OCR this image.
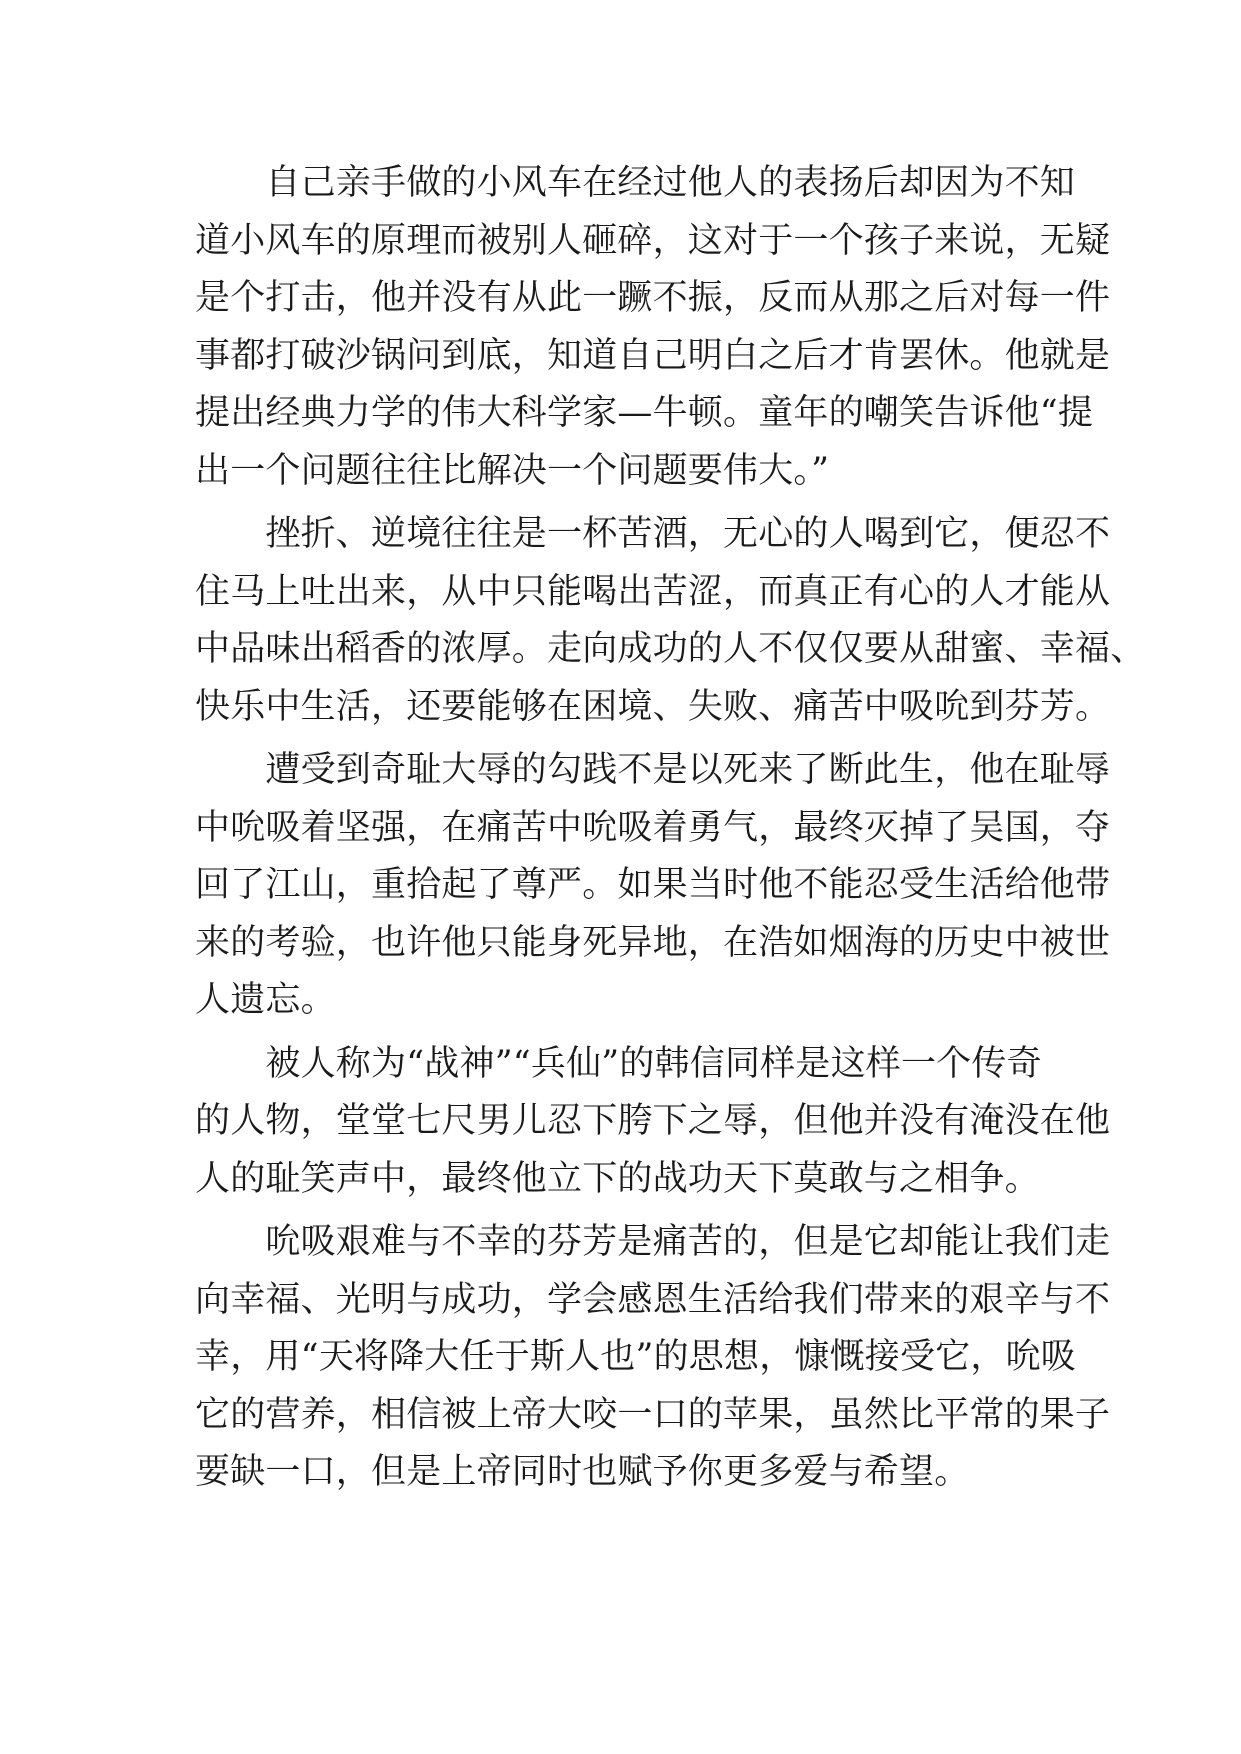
　　自己亲手做的小风车在经过他人的表扬后却因为不知
道小风车的原理而被别人砸碎，这对于一个孩子来说，无疑
是个打击，他并没有从此一蹶不振，反而从那之后对每一件
事都打破沙锅问到底，知道自己明白之后才肯罢休。他就是
提出经典力学的伟大科学家—牛顿。童年的嘲笑告诉他“提
出一个问题往往比解决一个问题要伟大。”
　　挫折、逆境往往是一杯苦酒，无心的人喝到它，便忍不
住马上吐出来，从中只能喝出苦涩，而真正有心的人才能从
中品味出稻香的浓厚。走向成功的人不仅仅要从甜蜜、幸福、
快乐中生活，还要能够在困境、失败、痛苦中吸吮到芬芳。
　　遭受到奇耻大辱的勾践不是以死来了断此生，他在耻辱
中吮吸着坚强，在痛苦中吮吸着勇气，最终灭掉了吴国，夺
回了江山，重拾起了尊严。如果当时他不能忍受生活给他带
来的考验，也许他只能身死异地，在浩如烟海的历史中被世
人遗忘。
　　被人称为“战神”“兵仙”的韩信同样是这样一个传奇
的人物，堂堂七尺男儿忍下胯下之辱，但他并没有淹没在他
人的耻笑声中，最终他立下的战功天下莫敢与之相争。
　　吮吸艰难与不幸的芬芳是痛苦的，但是它却能让我们走
向幸福、光明与成功，学会感恩生活给我们带来的艰辛与不
幸，用“天将降大任于斯人也”的思想，慷慨接受它，吮吸
它的营养，相信被上帝大咬一口的苹果，虽然比平常的果子
要缺一口，但是上帝同时也赋予你更多爱与希望。
